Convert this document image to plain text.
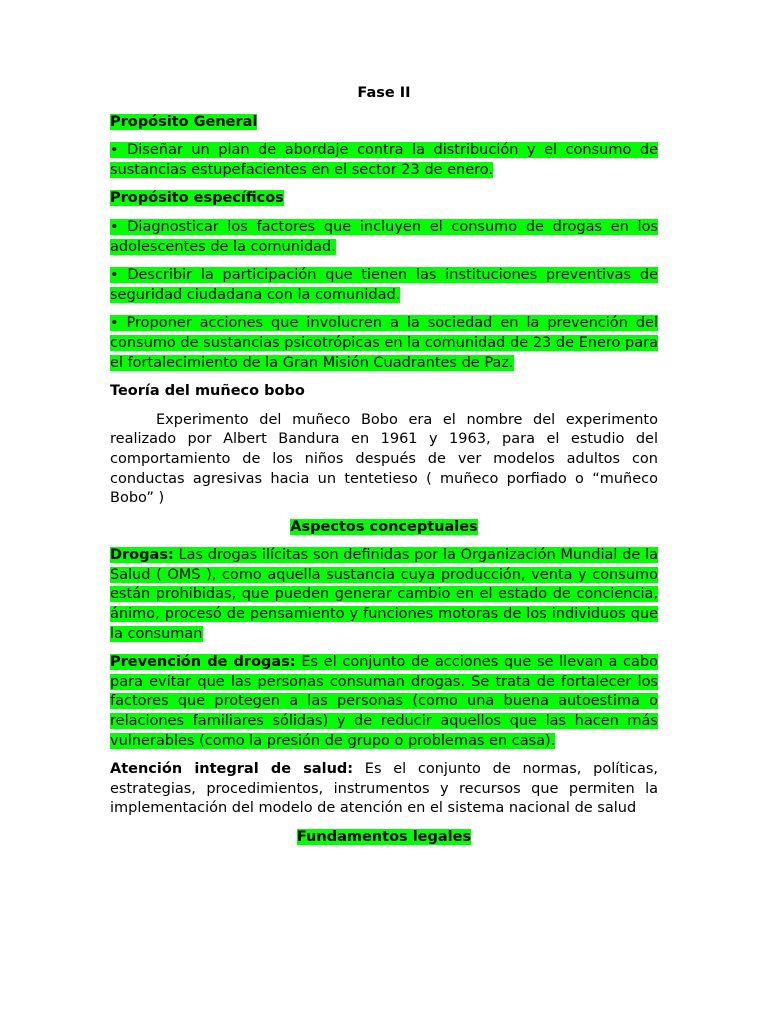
Fase II
Propósito General

• Diseñar un plan de abordaje contra la distribución y el consumo de sustancias estupefacientes en el sector 23 de enero.

Propósito específicos

• Diagnosticar los factores que incluyen el consumo de drogas en los adolescentes de la comunidad.

• Describir la participación que tienen las instituciones preventivas de seguridad ciudadana con la comunidad.

• Proponer acciones que involucren a la sociedad en la prevención del consumo de sustancias psicotrópicas en la comunidad de 23 de Enero para el fortalecimiento de la Gran Misión Cuadrantes de Paz.

Teoría del muñeco bobo

Experimento del muñeco Bobo era el nombre del experimento realizado por Albert Bandura en 1961 y 1963, para el estudio del comportamiento de los niños después de ver modelos adultos con conductas agresivas hacia un tentetieso ( muñeco porfiado o “muñeco Bobo” )

Aspectos conceptuales

Drogas: Las drogas ilícitas son definidas por la Organización Mundial de la Salud ( OMS ), como aquella sustancia cuya producción, venta y consumo están prohibidas, que pueden generar cambio en el estado de conciencia, ánimo, procesó de pensamiento y funciones motoras de los individuos que la consuman

Prevención de drogas: Es el conjunto de acciones que se llevan a cabo para evitar que las personas consuman drogas. Se trata de fortalecer los factores que protegen a las personas (como una buena autoestima o relaciones familiares sólidas) y de reducir aquellos que las hacen más vulnerables (como la presión de grupo o problemas en casa).

Atención integral de salud: Es el conjunto de normas, políticas, estrategias, procedimientos, instrumentos y recursos que permiten la implementación del modelo de atención en el sistema nacional de salud

Fundamentos legales
